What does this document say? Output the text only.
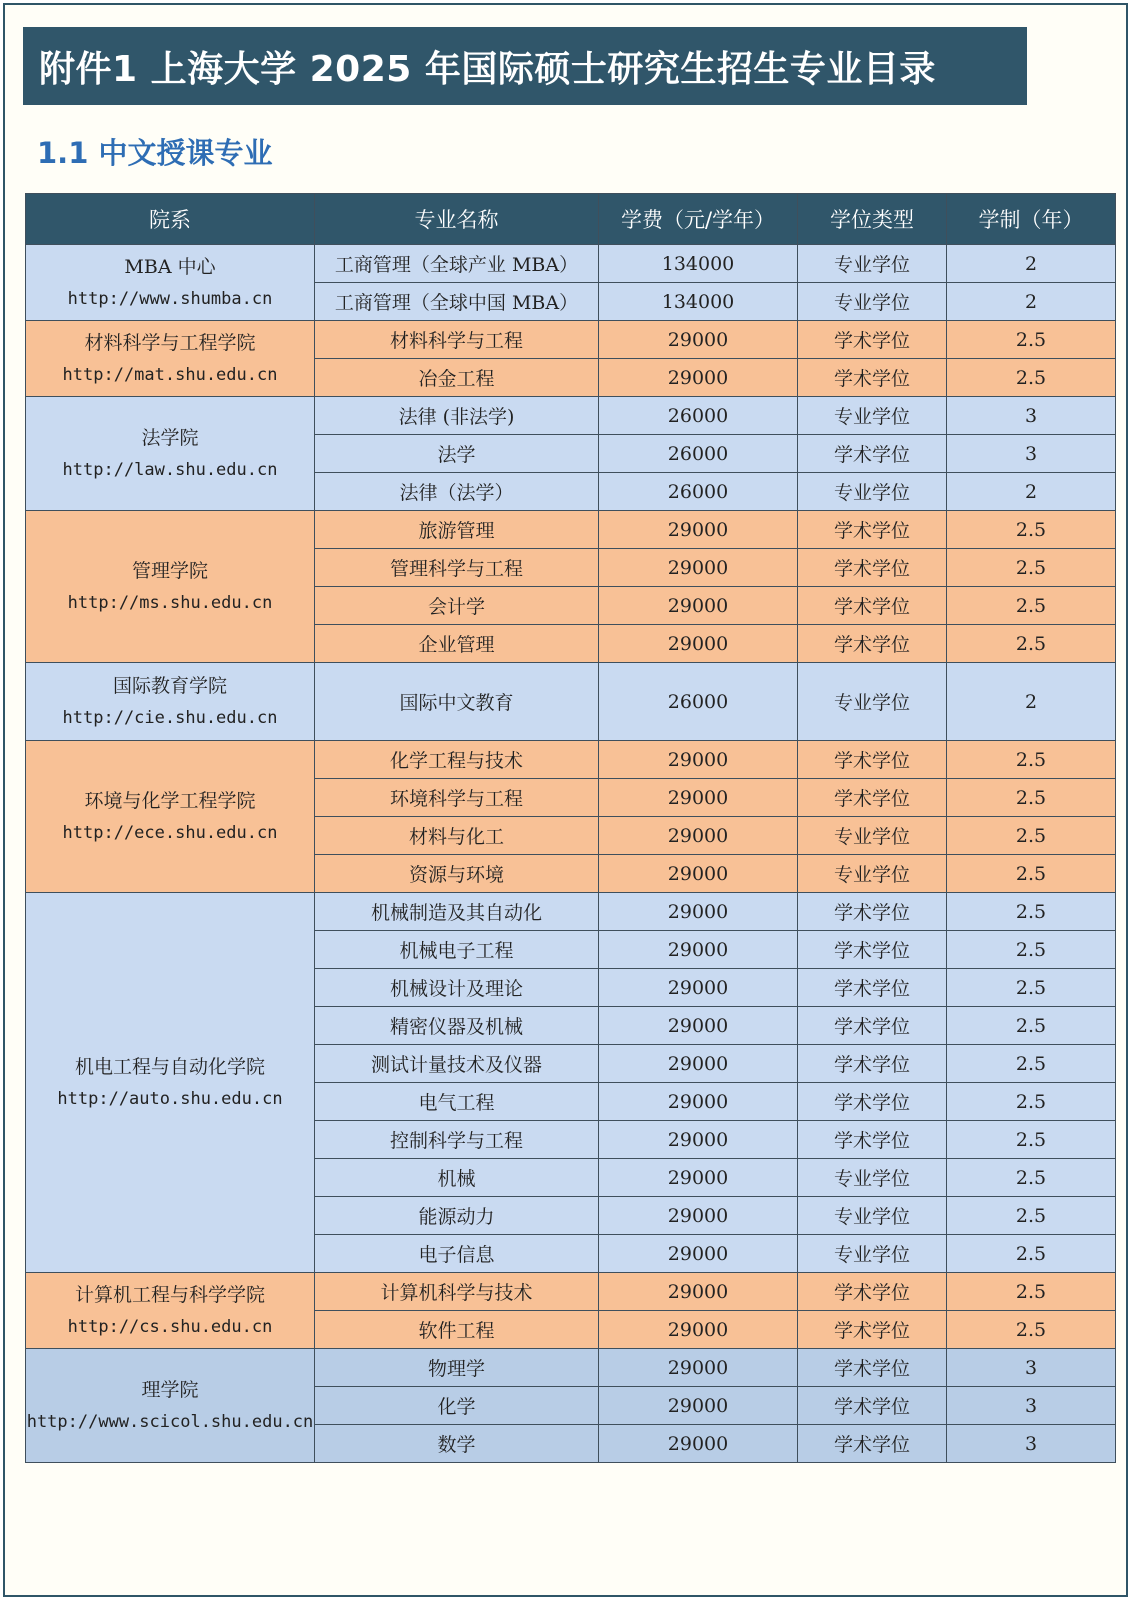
附件1 上海大学 2025 年国际硕士研究生招生专业目录
1.1 中文授课专业
院系	专业名称	学费（元/学年）	学位类型	学制（年）

MBA 中心
http://www.shumba.cn	工商管理（全球产业 MBA）	134000	专业学位	2
	工商管理（全球中国 MBA）	134000	专业学位	2

材料科学与工程学院
http://mat.shu.edu.cn	材料科学与工程	29000	学术学位	2.5
	冶金工程	29000	学术学位	2.5

法学院
http://law.shu.edu.cn	法律 (非法学)	26000	专业学位	3
	法学	26000	学术学位	3
	法律（法学）	26000	专业学位	2

管理学院
http://ms.shu.edu.cn	旅游管理	29000	学术学位	2.5
	管理科学与工程	29000	学术学位	2.5
	会计学	29000	学术学位	2.5
	企业管理	29000	学术学位	2.5

国际教育学院
http://cie.shu.edu.cn	国际中文教育	26000	专业学位	2

环境与化学工程学院
http://ece.shu.edu.cn	化学工程与技术	29000	学术学位	2.5
	环境科学与工程	29000	学术学位	2.5
	材料与化工	29000	专业学位	2.5
	资源与环境	29000	专业学位	2.5

机电工程与自动化学院
http://auto.shu.edu.cn	机械制造及其自动化	29000	学术学位	2.5
	机械电子工程	29000	学术学位	2.5
	机械设计及理论	29000	学术学位	2.5
	精密仪器及机械	29000	学术学位	2.5
	测试计量技术及仪器	29000	学术学位	2.5
	电气工程	29000	学术学位	2.5
	控制科学与工程	29000	学术学位	2.5
	机械	29000	专业学位	2.5
	能源动力	29000	专业学位	2.5
	电子信息	29000	专业学位	2.5

计算机工程与科学学院
http://cs.shu.edu.cn	计算机科学与技术	29000	学术学位	2.5
	软件工程	29000	学术学位	2.5

理学院
http://www.scicol.shu.edu.cn	物理学	29000	学术学位	3
	化学	29000	学术学位	3
	数学	29000	学术学位	3
